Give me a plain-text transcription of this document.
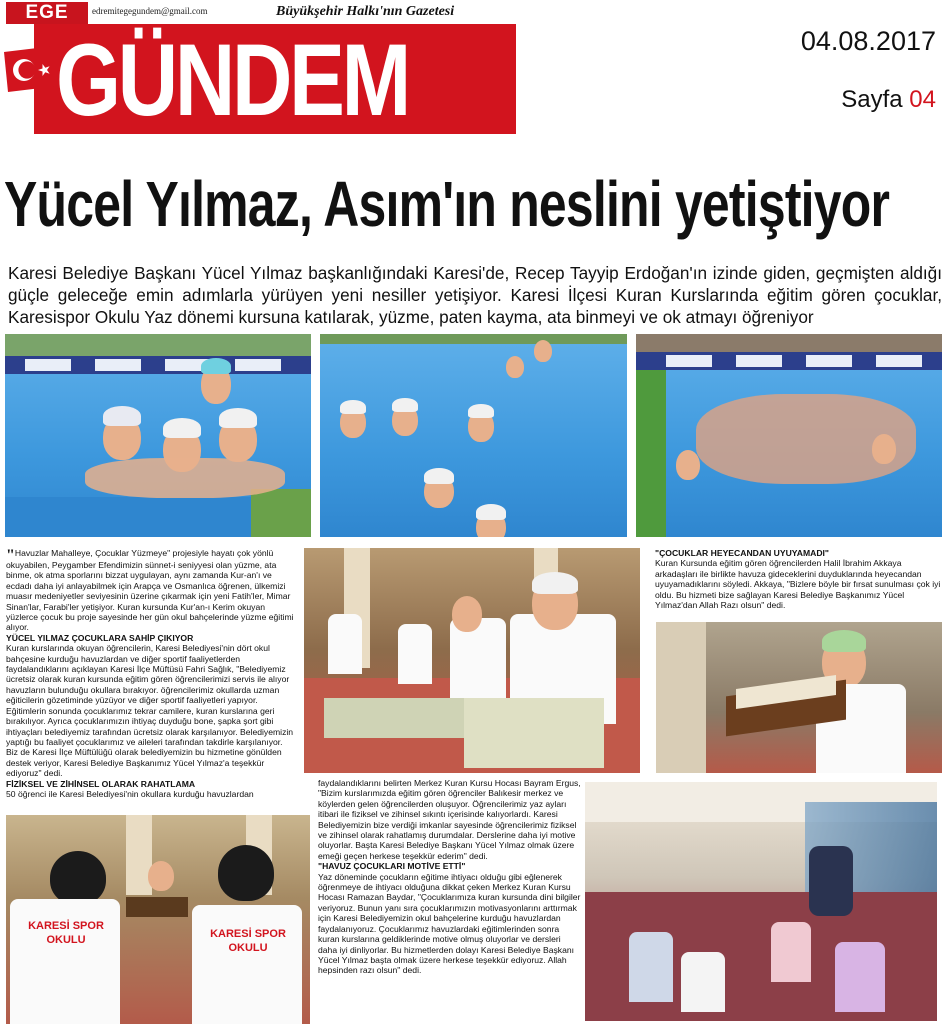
EGE	edremitegegundem@gmail.com	Büyükşehir Halkı'nın Gazetesi
GÜNDEM	04.08.2017
Sayfa 04
Yücel Yılmaz, Asım'ın neslini yetiştiyor
Karesi Belediye Başkanı Yücel Yılmaz başkanlığındaki Karesi'de, Recep Tayyip Erdoğan'ın izinde giden, geçmişten aldığı güçle geleceğe emin adımlarla yürüyen yeni nesiller yetişiyor. Karesi İlçesi Kuran Kurslarında eğitim gören çocuklar, Karesispor Okulu Yaz dönemi kursuna katılarak, yüzme, paten kayma, ata binmeyi ve ok atmayı öğreniyor

"Havuzlar Mahalleye, Çocuklar Yüzmeye" projesiyle hayatı çok yönlü okuyabilen, Peygamber Efendimizin sünnet-i seniyyesi olan yüzme, ata binme, ok atma sporlarını bizzat uygulayan, aynı zamanda Kur-an'ı ve ecdadı daha iyi anlayabilmek için Arapça ve Osmanlıca öğrenen, ülkemizi muasır medeniyetler seviyesinin üzerine çıkarmak için yeni Fatih'ler, Mimar Sinan'lar, Farabi'ler yetişiyor. Kuran kursunda Kur'an-ı Kerim okuyan yüzlerce çocuk bu proje sayesinde her gün okul bahçelerinde yüzme eğitimi alıyor.

YÜCEL YILMAZ ÇOCUKLARA SAHİP ÇIKIYOR

Kuran kurslarında okuyan öğrencilerin, Karesi Belediyesi'nin dört okul bahçesine kurduğu havuzlardan ve diğer sportif faaliyetlerden faydalandıklarını açıklayan Karesi İlçe Müftüsü Fahri Sağlık, "Belediyemiz ücretsiz olarak kuran kursunda eğitim gören öğrencilerimizi servis ile alıyor havuzların bulunduğu okullara bırakıyor. öğrencilerimiz okullarda uzman eğiticilerin gözetiminde yüzüyor ve diğer sportif faaliyetleri yapıyor. Eğitimlerin sonunda çocuklarımız tekrar camilere, kuran kurslarına geri bırakılıyor. Ayrıca çocuklarımızın ihtiyaç duyduğu bone, şapka şort gibi ihtiyaçları belediyemiz tarafından ücretsiz olarak karşılanıyor. Belediyemizin yaptığı bu faaliyet çocuklarımız ve aileleri tarafından takdirle karşılanıyor. Biz de Karesi İlçe Müftülüğü olarak belediyemizin bu hizmetine gönülden destek veriyor, Karesi Belediye Başkanımız Yücel Yılmaz'a teşekkür ediyoruz" dedi.

FİZİKSEL VE ZİHİNSEL OLARAK RAHATLAMA

50 öğrenci ile Karesi Belediyesi'nin okullara kurduğu havuzlardan

"ÇOCUKLAR HEYECANDAN UYUYAMADI"

Kuran Kursunda eğitim gören öğrencilerden Halil İbrahim Akkaya arkadaşları ile birlikte havuza gideceklerini duyduklarında heyecandan uyuyamadıklarını söyledi. Akkaya, "Bizlere böyle bir fırsat sunulması çok iyi oldu. Bu hizmeti bize sağlayan Karesi Belediye Başkanımız Yücel Yılmaz'dan Allah Razı olsun" dedi.

faydalandıklarını belirten Merkez Kuran Kursu Hocası Bayram Ergus, "Bizim kurslarımızda eğitim gören öğrenciler Balıkesir merkez ve köylerden gelen öğrencilerden oluşuyor. Öğrencilerimiz yaz ayları itibari ile fiziksel ve zihinsel sıkıntı içerisinde kalıyorlardı. Karesi Belediyemizin bize verdiği imkanlar sayesinde öğrencilerimiz fiziksel ve zihinsel olarak rahatlamış durumdalar. Derslerine daha iyi motive oluyorlar. Başta Karesi Belediye Başkanı Yücel Yılmaz olmak üzere emeği geçen herkese teşekkür ederim" dedi.

"HAVUZ ÇOCUKLARI MOTİVE ETTİ"

Yaz döneminde çocukların eğitime ihtiyacı olduğu gibi eğlenerek öğrenmeye de ihtiyacı olduğuna dikkat çeken Merkez Kuran Kursu Hocası Ramazan Baydar, "Çocuklarımıza kuran kursunda dini bilgiler veriyoruz. Bunun yanı sıra çocuklarımızın motivasyonlarını arttırmak için Karesi Belediyemizin okul bahçelerine kurduğu havuzlardan faydalanıyoruz. Çocuklarımız havuzlardaki eğitimlerinden sonra kuran kurslarına geldiklerinde motive olmuş oluyorlar ve dersleri daha iyi dinliyorlar. Bu hizmetlerden dolayı Karesi Belediye Başkanı Yücel Yılmaz başta olmak üzere herkese teşekkür ediyoruz. Allah hepsinden razı olsun" dedi.

KARESİ SPOR OKULU	KARESİ SPOR OKULU
